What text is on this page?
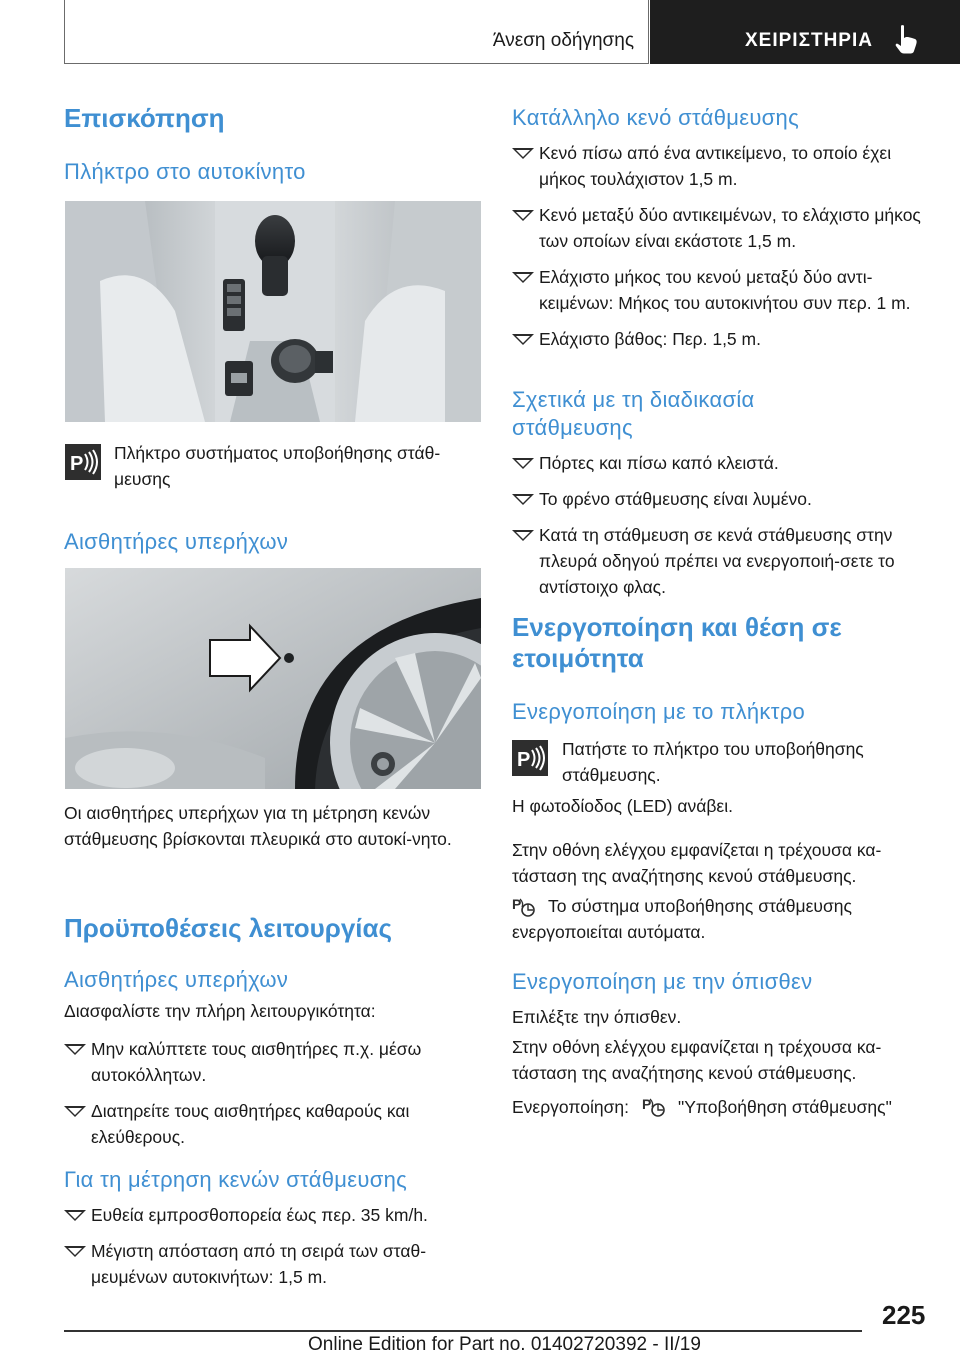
Άνεση οδήγησης	ΧΕΙΡΙΣΤΗΡΙΑ
Επισκόπηση
Πλήκτρο στο αυτοκίνητο
P Πλήκτρο συστήματος υποβοήθησης στάθ-μευσης

Αισθητήρες υπερήχων

Οι αισθητήρες υπερήχων για τη μέτρηση κενών στάθμευσης βρίσκονται πλευρικά στο αυτοκί-νητο.

Προϋποθέσεις λειτουργίας
Αισθητήρες υπερήχων

Διασφαλίστε την πλήρη λειτουργικότητα:

Μην καλύπτετε τους αισθητήρες π.χ. μέσω αυτοκόλλητων.
Διατηρείτε τους αισθητήρες καθαρούς και ελεύθερους.
Για τη μέτρηση κενών στάθμευσης
Ευθεία εμπροσθοπορεία έως περ. 35 km/h.
Μέγιστη απόσταση από τη σειρά των σταθ-μευμένων αυτοκινήτων: 1,5 m.
Κατάλληλο κενό στάθμευσης
Κενό πίσω από ένα αντικείμενο, το οποίο έχει μήκος τουλάχιστον 1,5 m.
Κενό μεταξύ δύο αντικειμένων, το ελάχιστο μήκος των οποίων είναι εκάστοτε 1,5 m.
Ελάχιστο μήκος του κενού μεταξύ δύο αντι-κειμένων: Μήκος του αυτοκινήτου συν περ. 1 m.
Ελάχιστο βάθος: Περ. 1,5 m.
Σχετικά με τη διαδικασία στάθμευσης
Πόρτες και πίσω καπό κλειστά.
Το φρένο στάθμευσης είναι λυμένο.
Κατά τη στάθμευση σε κενά στάθμευσης στην πλευρά οδηγού πρέπει να ενεργοποιή-σετε το αντίστοιχο φλας.
Ενεργοποίηση και θέση σε ετοιμότητα
Ενεργοποίηση με το πλήκτρο
P Πατήστε το πλήκτρο του υποβοήθησης στάθμευσης.

Η φωτοδίοδος (LED) ανάβει.

Στην οθόνη ελέγχου εμφανίζεται η τρέχουσα κα-τάσταση της αναζήτησης κενού στάθμευσης.

P	Το σύστημα υποβοήθησης στάθμευσης ενεργοποιείται αυτόματα.

Ενεργοποίηση με την όπισθεν

Επιλέξτε την όπισθεν.

Στην οθόνη ελέγχου εμφανίζεται η τρέχουσα κα-τάσταση της αναζήτησης κενού στάθμευσης.

Ενεργοποίηση: P "Υποβοήθηση στάθμευσης"

225
Online Edition for Part no. 01402720392 - II/19
